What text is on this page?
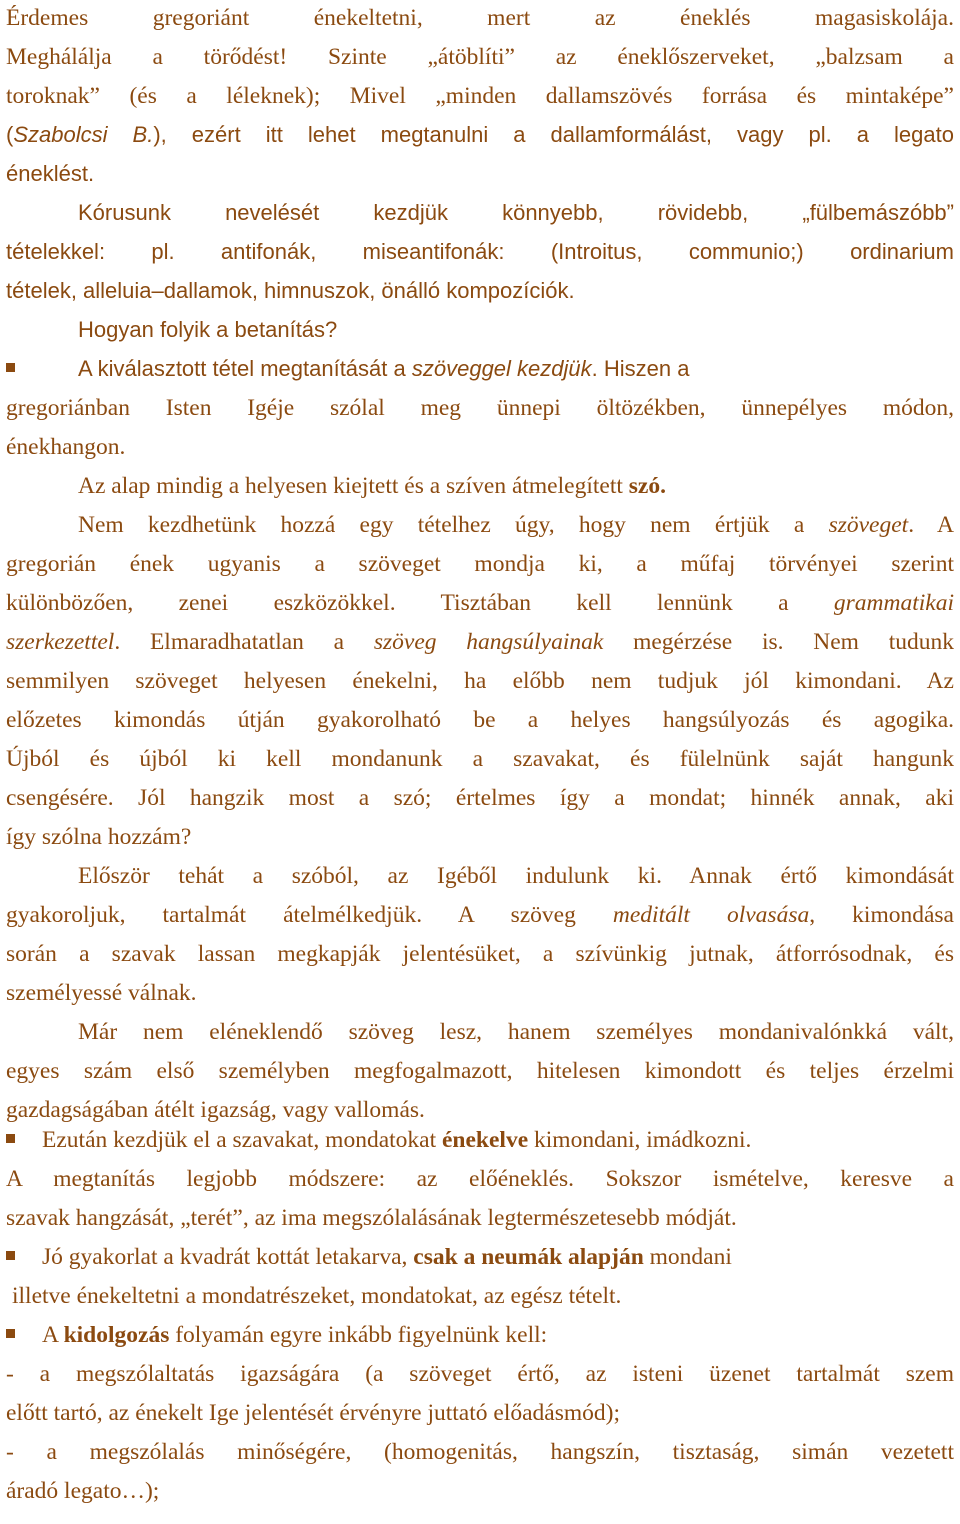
Érdemes gregoriánt énekeltetni, mert az éneklés magasiskolája.
Meghálálja a törődést! Szinte „átöblíti” az éneklőszerveket, „balzsam a
toroknak” (és a léleknek); Mivel „minden dallamszövés forrása és mintaképe”
(Szabolcsi B.), ezért itt lehet megtanulni a dallamformálást, vagy pl. a legato
éneklést.
Kórusunk nevelését kezdjük könnyebb, rövidebb, „fülbemászóbb”
tételekkel: pl. antifonák, miseantifonák: (Introitus, communio;) ordinarium
tételek, alleluia–dallamok, himnuszok, önálló kompozíciók.
Hogyan folyik a betanítás?
A kiválasztott tétel megtanítását a szöveggel kezdjük. Hiszen a
gregoriánban Isten Igéje szólal meg ünnepi öltözékben, ünnepélyes módon,
énekhangon.
Az alap mindig a helyesen kiejtett és a szíven átmelegített szó.
Nem kezdhetünk hozzá egy tételhez úgy, hogy nem értjük a szöveget. A
gregorián ének ugyanis a szöveget mondja ki, a műfaj törvényei szerint
különbözően, zenei eszközökkel. Tisztában kell lennünk a grammatikai
szerkezettel. Elmaradhatatlan a szöveg hangsúlyainak megérzése is. Nem tudunk
semmilyen szöveget helyesen énekelni, ha előbb nem tudjuk jól kimondani. Az
előzetes kimondás útján gyakorolható be a helyes hangsúlyozás és agogika.
Újból és újból ki kell mondanunk a szavakat, és fülelnünk saját hangunk
csengésére. Jól hangzik most a szó; értelmes így a mondat; hinnék annak, aki
így szólna hozzám?
Először tehát a szóból, az Igéből indulunk ki. Annak értő kimondását
gyakoroljuk, tartalmát átelmélkedjük. A szöveg meditált olvasása, kimondása
során a szavak lassan megkapják jelentésüket, a szívünkig jutnak, átforrósodnak, és
személyessé válnak.
Már nem eléneklendő szöveg lesz, hanem személyes mondanivalónkká vált,
egyes szám első személyben megfogalmazott, hitelesen kimondott és teljes érzelmi
gazdagságában átélt igazság, vagy vallomás.
Ezután kezdjük el a szavakat, mondatokat énekelve kimondani, imádkozni.
A megtanítás legjobb módszere: az előéneklés. Sokszor ismételve, keresve a
szavak hangzását, „terét”, az ima megszólalásának legtermészetesebb módját.
Jó gyakorlat a kvadrát kottát letakarva, csak a neumák alapján mondani
illetve énekeltetni a mondatrészeket, mondatokat, az egész tételt.
A kidolgozás folyamán egyre inkább figyelnünk kell:
- a megszólaltatás igazságára (a szöveget értő, az isteni üzenet tartalmát szem
előtt tartó, az énekelt Ige jelentését érvényre juttató előadásmód);
- a megszólalás minőségére, (homogenitás, hangszín, tisztaság, simán vezetett
áradó legato…);
